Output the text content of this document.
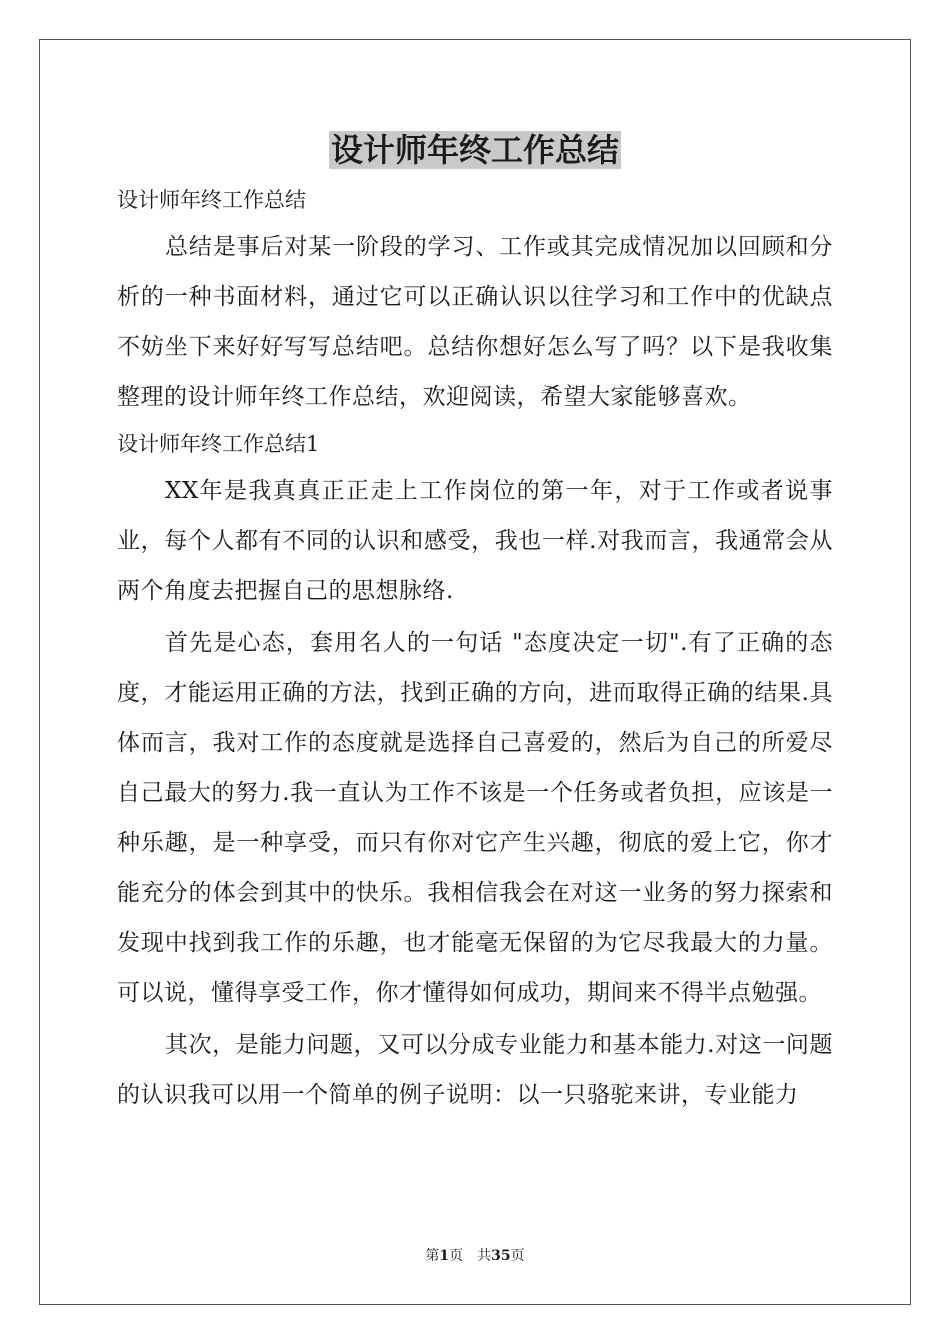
设计师年终工作总结

设计师年终工作总结

总结是事后对某一阶段的学习、工作或其完成情况加以回顾和分析的一种书面材料，通过它可以正确认识以往学习和工作中的优缺点不妨坐下来好好写写总结吧。总结你想好怎么写了吗？以下是我收集整理的设计师年终工作总结，欢迎阅读，希望大家能够喜欢。

设计师年终工作总结1

XX年是我真真正正走上工作岗位的第一年，对于工作或者说事业，每个人都有不同的认识和感受，我也一样.对我而言，我通常会从两个角度去把握自己的思想脉络.

首先是心态，套用名人的一句话 "态度决定一切".有了正确的态度，才能运用正确的方法，找到正确的方向，进而取得正确的结果.具体而言，我对工作的态度就是选择自己喜爱的，然后为自己的所爱尽自己最大的努力.我一直认为工作不该是一个任务或者负担，应该是一种乐趣，是一种享受，而只有你对它产生兴趣，彻底的爱上它，你才能充分的体会到其中的快乐。我相信我会在对这一业务的努力探索和发现中找到我工作的乐趣，也才能毫无保留的为它尽我最大的力量。可以说，懂得享受工作，你才懂得如何成功，期间来不得半点勉强。

其次，是能力问题，又可以分成专业能力和基本能力.对这一问题的认识我可以用一个简单的例子说明：以一只骆驼来讲，专业能力

第1页 共35页
